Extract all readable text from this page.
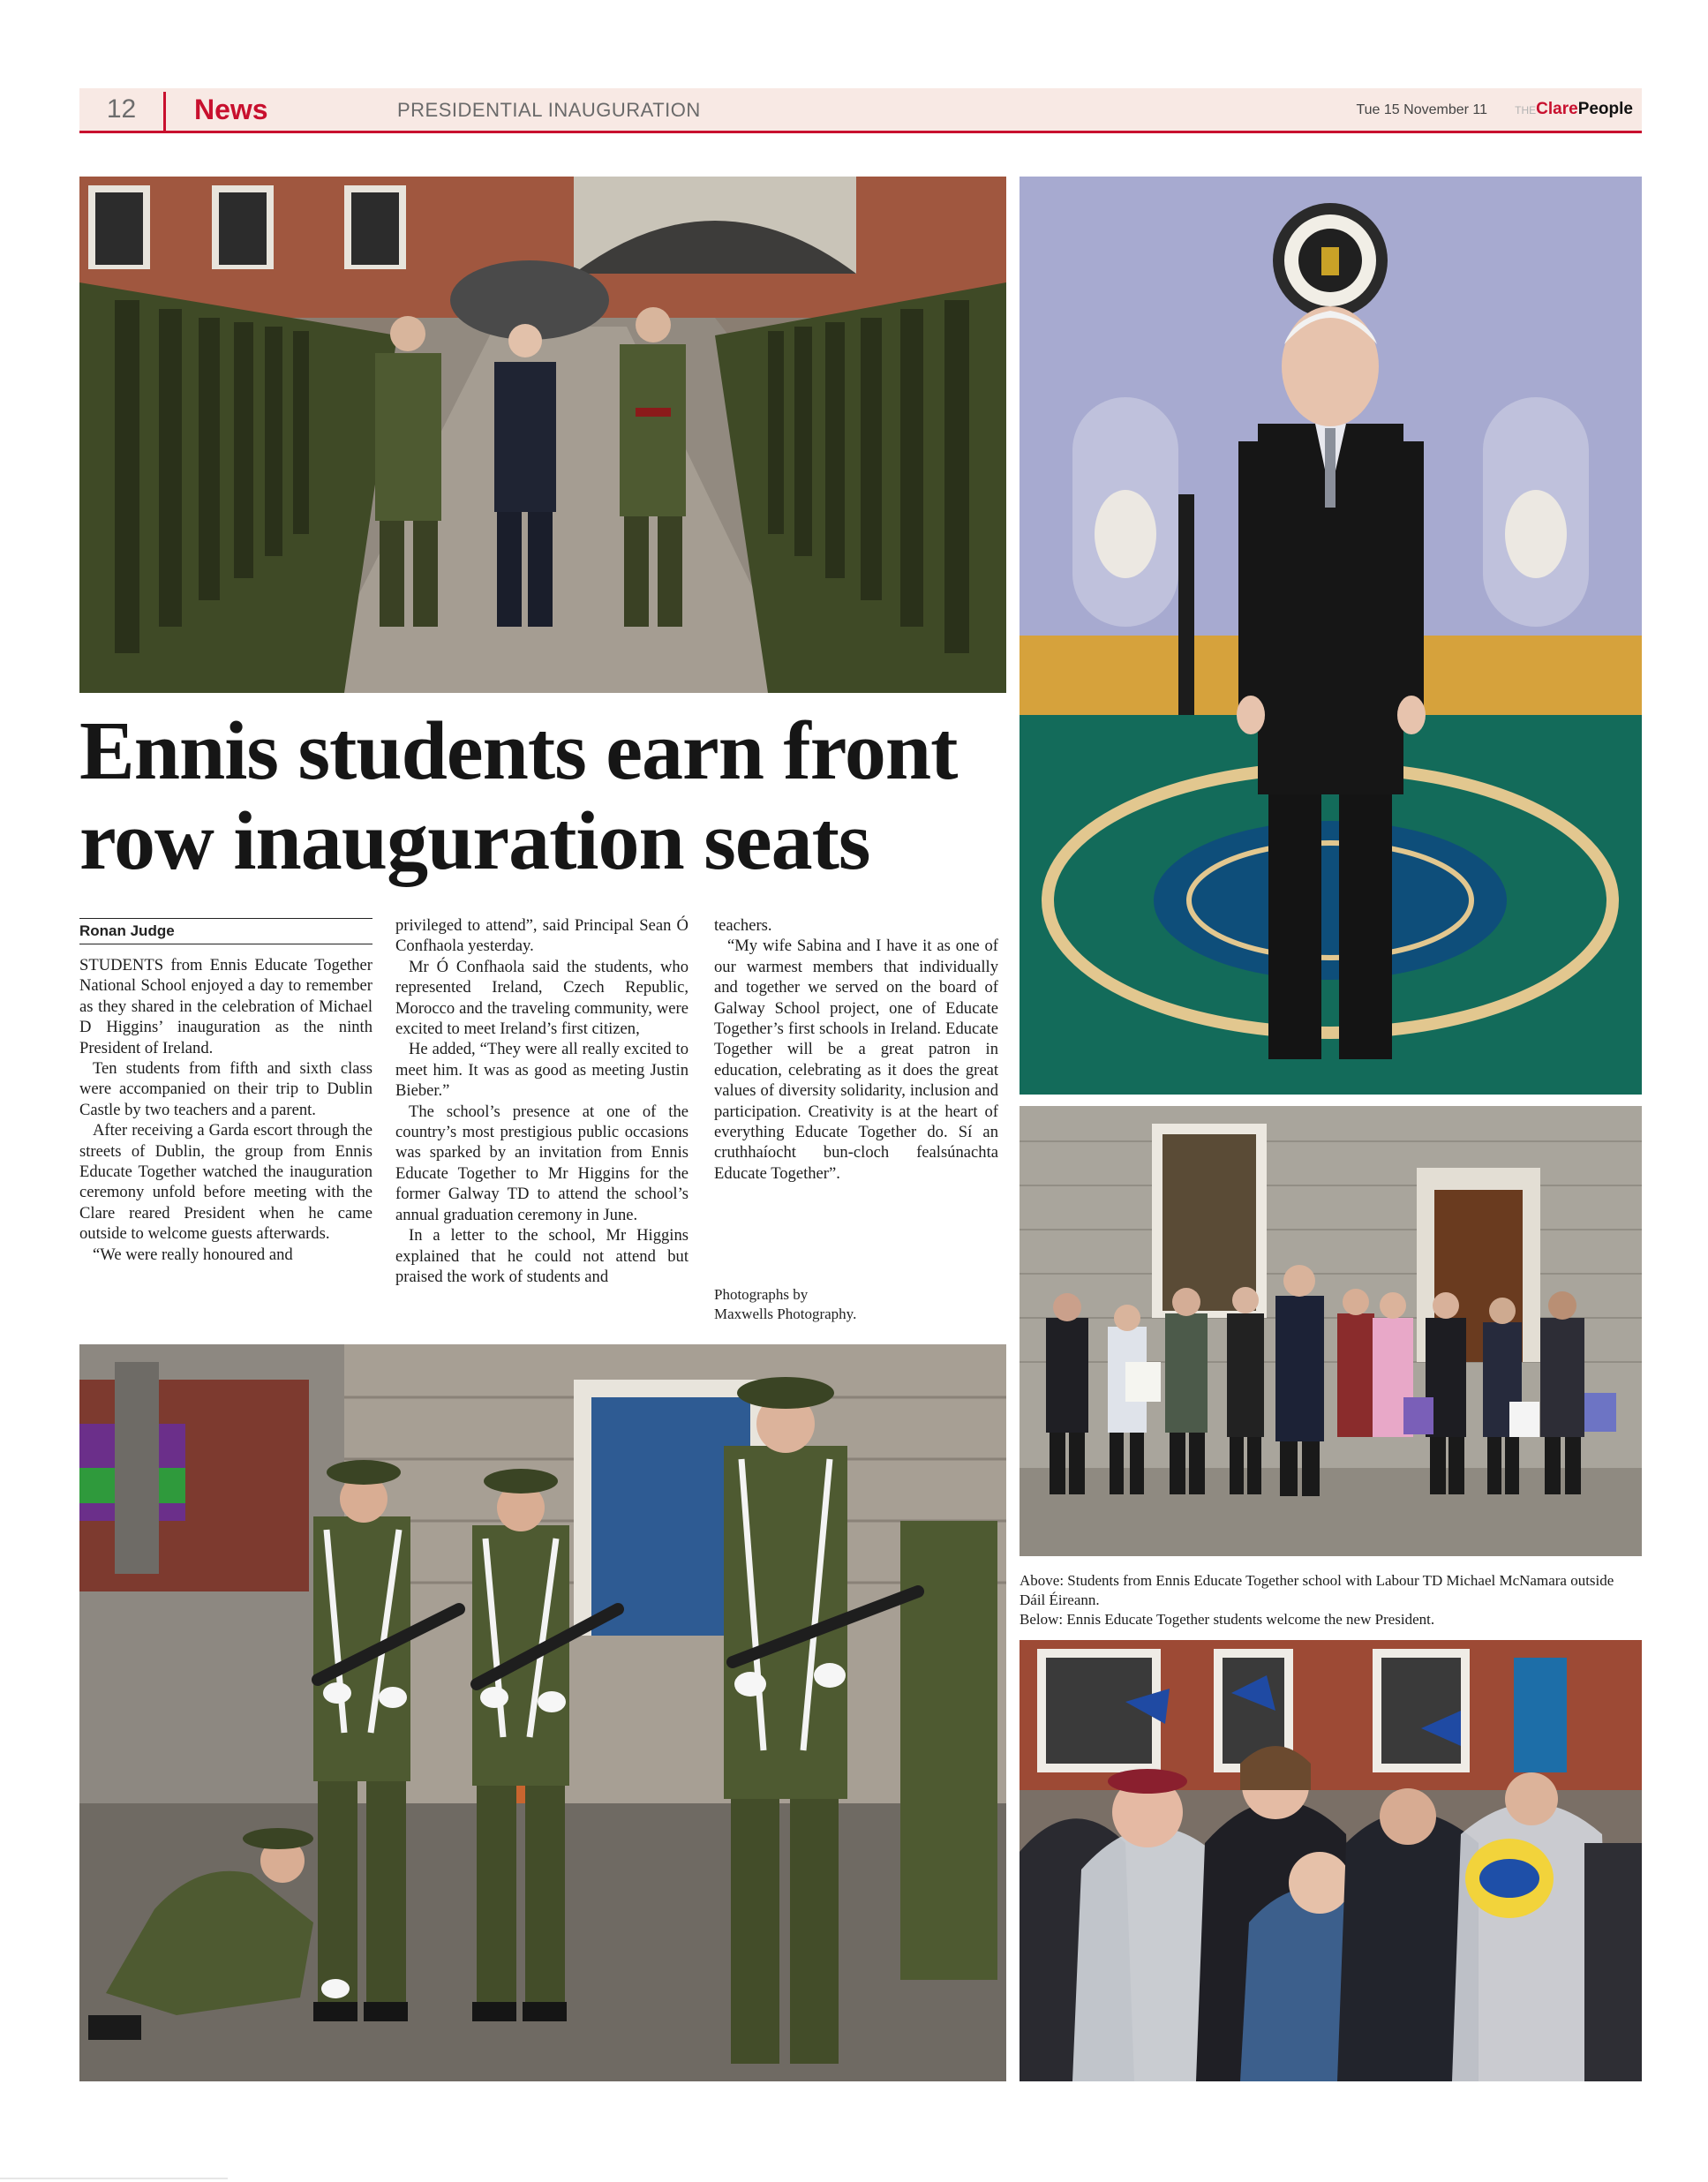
12	News	PRESIDENTIAL INAUGURATION	Tue 15 November 11	THEClarePeople
Ennis students earn front
row inauguration seats
Ronan Judge

STUDENTS from Ennis Educate Together National School enjoyed a day to remember as they shared in the celebration of Michael D Higgins’ inauguration as the ninth President of Ireland.

Ten students from fifth and sixth class were accompanied on their trip to Dublin Castle by two teachers and a parent.

After receiving a Garda escort through the streets of Dublin, the group from Ennis Educate Together watched the inauguration ceremony unfold before meeting with the Clare reared President when he came outside to welcome guests afterwards.

“We were really honoured and

privileged to attend”, said Principal Sean Ó Confhaola yesterday.

Mr Ó Confhaola said the students, who represented Ireland, Czech Republic, Morocco and the traveling community, were excited to meet Ireland’s first citizen,

He added, “They were all really excited to meet him. It was as good as meeting Justin Bieber.”

The school’s presence at one of the country’s most prestigious public occasions was sparked by an invitation from Ennis Educate Together to Mr Higgins for the former Galway TD to attend the school’s annual graduation ceremony in June.

In a letter to the school, Mr Higgins explained that he could not attend but praised the work of students and

teachers.

“My wife Sabina and I have it as one of our warmest members that individually and together we served on the board of Galway School project, one of Educate Together’s first schools in Ireland. Educate Together will be a great patron in education, celebrating as it does the great values of diversity solidarity, inclusion and participation. Creativity is at the heart of everything Educate Together do. Sí an cruthhaíocht bun-cloch fealsúnachta Educate Together”.

Photographs by
Maxwells Photography.

Above: Students from Ennis Educate Together school with Labour TD Michael McNamara outside Dáil Éireann.

Below: Ennis Educate Together students welcome the new President.
